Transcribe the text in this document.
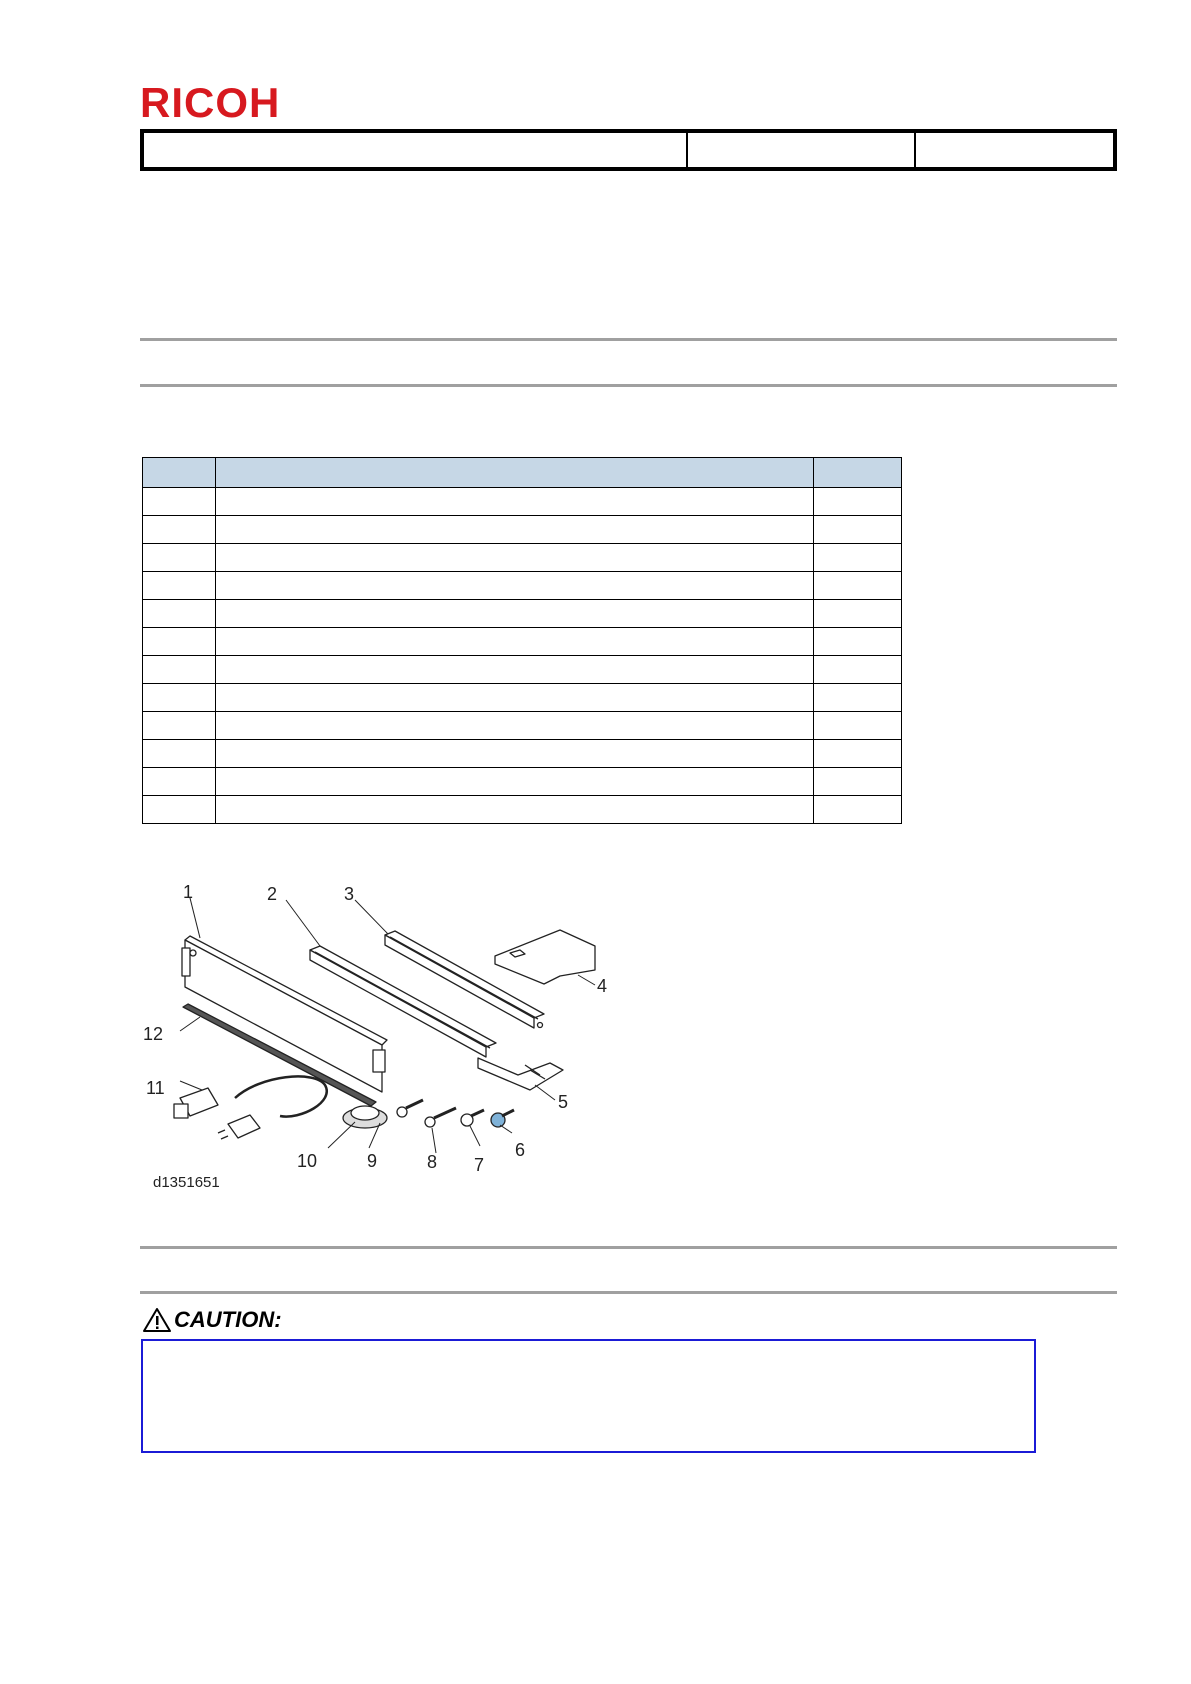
RICOH

1	2	3
4
5
6
7
8
9
10
11
12
d1351651
CAUTION:
